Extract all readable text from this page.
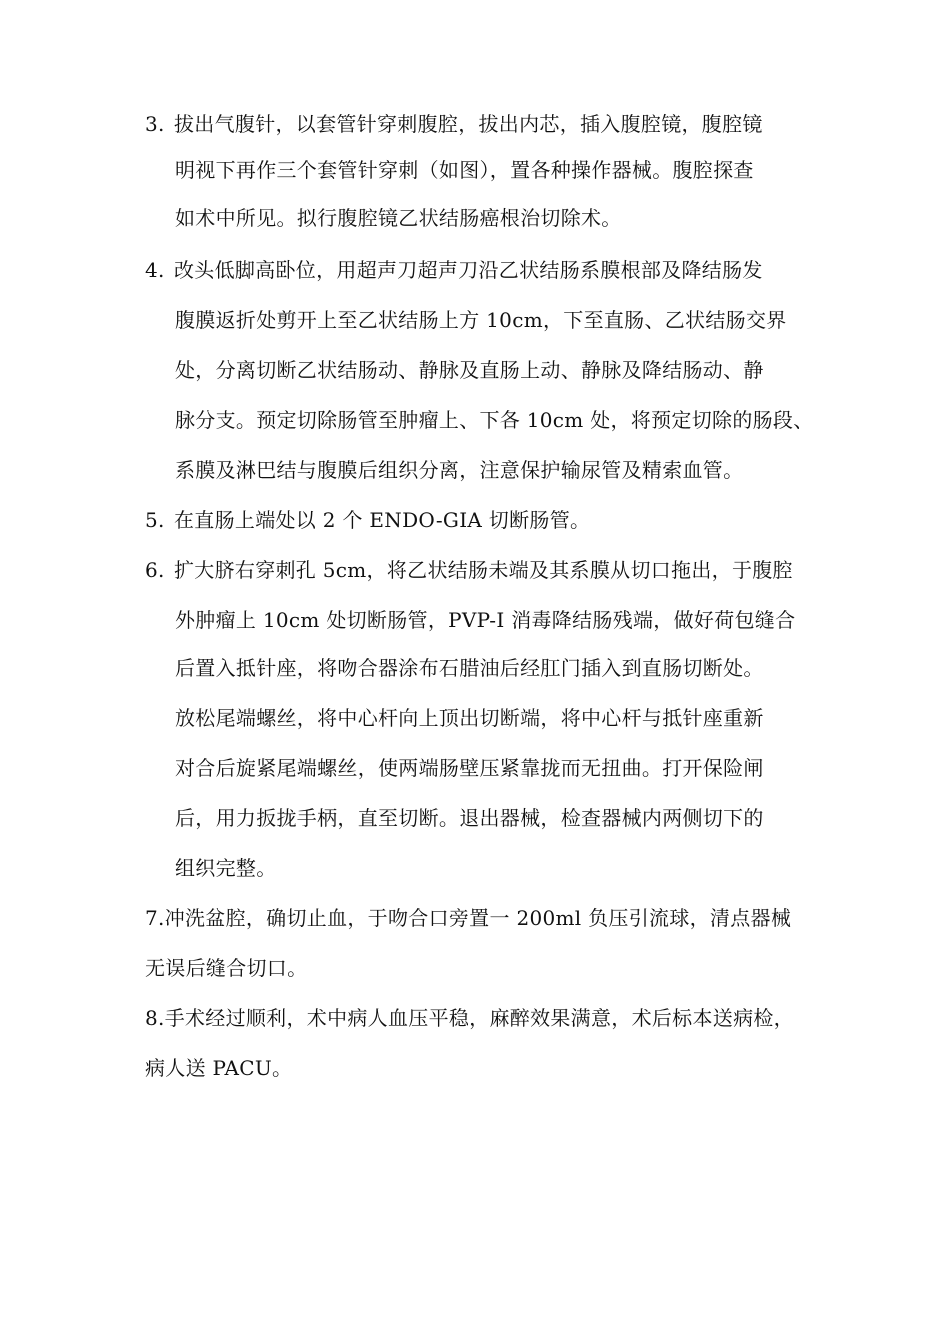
3. 拔出气腹针，以套管针穿刺腹腔，拔出内芯，插入腹腔镜，腹腔镜
明视下再作三个套管针穿刺（如图），置各种操作器械。腹腔探查
如术中所见。拟行腹腔镜乙状结肠癌根治切除术。
4. 改头低脚高卧位，用超声刀超声刀沿乙状结肠系膜根部及降结肠发
腹膜返折处剪开上至乙状结肠上方 10cm，下至直肠、乙状结肠交界
处，分离切断乙状结肠动、静脉及直肠上动、静脉及降结肠动、静
脉分支。预定切除肠管至肿瘤上、下各 10cm 处，将预定切除的肠段、
系膜及淋巴结与腹膜后组织分离，注意保护输尿管及精索血管。
5. 在直肠上端处以 2 个 ENDO-GIA 切断肠管。
6. 扩大脐右穿刺孔 5cm，将乙状结肠未端及其系膜从切口拖出，于腹腔
外肿瘤上 10cm 处切断肠管，PVP-I 消毒降结肠残端，做好荷包缝合
后置入抵针座，将吻合器涂布石腊油后经肛门插入到直肠切断处。
放松尾端螺丝，将中心杆向上顶出切断端，将中心杆与抵针座重新
对合后旋紧尾端螺丝，使两端肠壁压紧靠拢而无扭曲。打开保险闸
后，用力扳拢手柄，直至切断。退出器械，检查器械内两侧切下的
组织完整。
7.冲洗盆腔，确切止血，于吻合口旁置一 200ml 负压引流球，清点器械
无误后缝合切口。
8.手术经过顺利，术中病人血压平稳，麻醉效果满意，术后标本送病检，
病人送 PACU。
